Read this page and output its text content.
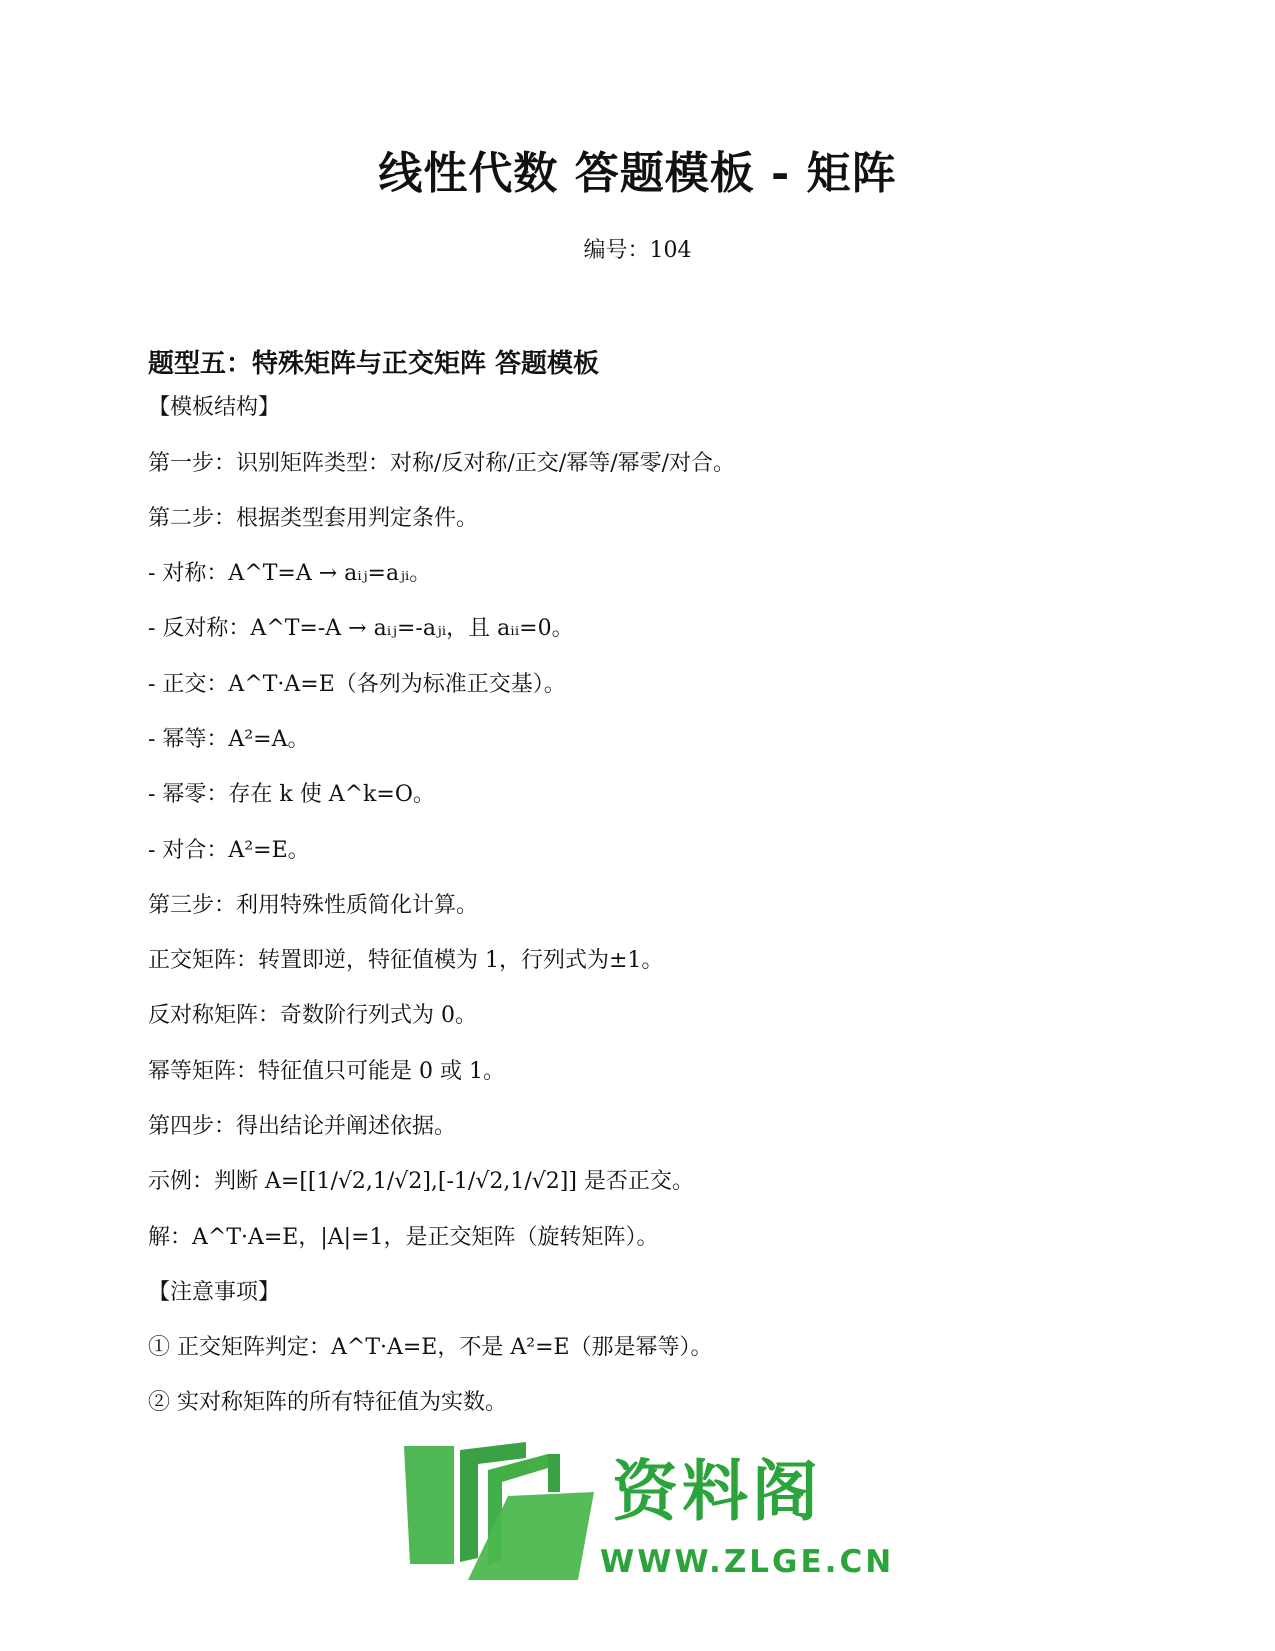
线性代数 答题模板 - 矩阵
编号：104
题型五：特殊矩阵与正交矩阵 答题模板
【模板结构】
第一步：识别矩阵类型：对称/反对称/正交/幂等/幂零/对合。
第二步：根据类型套用判定条件。
- 对称：A^T=A → aᵢⱼ=aⱼᵢ。
- 反对称：A^T=-A → aᵢⱼ=-aⱼᵢ，且 aᵢᵢ=0。
- 正交：A^T·A=E（各列为标准正交基）。
- 幂等：A²=A。
- 幂零：存在 k 使 A^k=O。
- 对合：A²=E。
第三步：利用特殊性质简化计算。
正交矩阵：转置即逆，特征值模为 1，行列式为±1。
反对称矩阵：奇数阶行列式为 0。
幂等矩阵：特征值只可能是 0 或 1。
第四步：得出结论并阐述依据。
示例：判断 A=[[1/√2,1/√2],[-1/√2,1/√2]] 是否正交。
解：A^T·A=E，|A|=1，是正交矩阵（旋转矩阵）。
【注意事项】
① 正交矩阵判定：A^T·A=E，不是 A²=E（那是幂等）。
② 实对称矩阵的所有特征值为实数。
资料阁
WWW.ZLGE.CN
